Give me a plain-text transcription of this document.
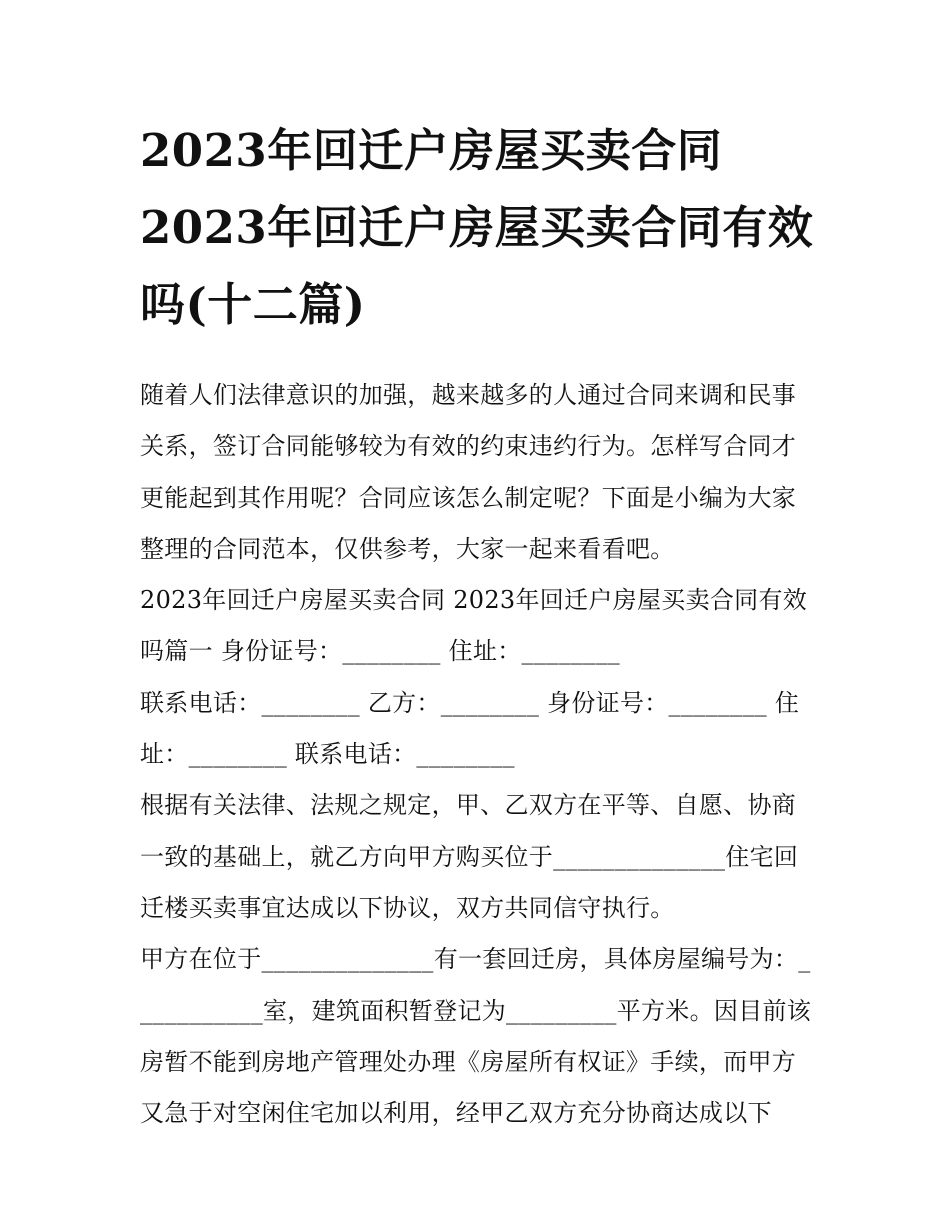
2023年回迁户房屋买卖合同 2023年回迁户房屋买卖合同有效吗(十二篇)

随着人们法律意识的加强，越来越多的人通过合同来调和民事关系，签订合同能够较为有效的约束违约行为。怎样写合同才更能起到其作用呢？合同应该怎么制定呢？下面是小编为大家整理的合同范本，仅供参考，大家一起来看看吧。

2023年回迁户房屋买卖合同 2023年回迁户房屋买卖合同有效吗篇一 身份证号：________ 住址：________

联系电话：________ 乙方：________ 身份证号：________ 住址：________ 联系电话：________

根据有关法律、法规之规定，甲、乙双方在平等、自愿、协商一致的基础上，就乙方向甲方购买位于______________住宅回迁楼买卖事宜达成以下协议，双方共同信守执行。

甲方在位于______________有一套回迁房，具体房屋编号为：___________室，建筑面积暂登记为_________平方米。因目前该房暂不能到房地产管理处办理《房屋所有权证》手续，而甲方又急于对空闲住宅加以利用，经甲乙双方充分协商达成以下
